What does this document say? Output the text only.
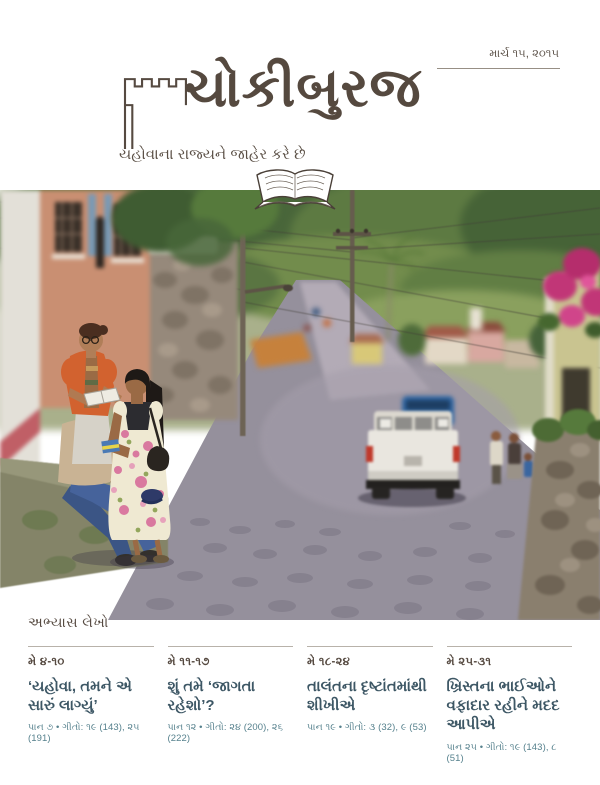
માર્ચ ૧૫, ૨૦૧૫
ચોકીબુરજ
યહોવાના રાજ્યને જાહેર કરે છે
અભ્યાસ લેખો
મે ૪-૧૦
‘યહોવા, તમને એ સારું લાગ્યું’
પાન ૭ • ગીતો: ૧૯ (143), ૨૫ (191)
મે ૧૧-૧૭
શું તમે ‘જાગતા રહેશો’?
પાન ૧૨ • ગીતો: ૨૪ (200), ૨૬ (222)
મે ૧૮-૨૪
તાલંતના દૃષ્ટાંતમાંથી શીખીએ
પાન ૧૯ • ગીતો: ૩ (32), ૯ (53)
મે ૨૫-૩૧
ખ્રિસ્તના ભાઈઓને વફાદાર રહીને મદદ આપીએ
પાન ૨૫ • ગીતો: ૧૯ (143), ૮ (51)
